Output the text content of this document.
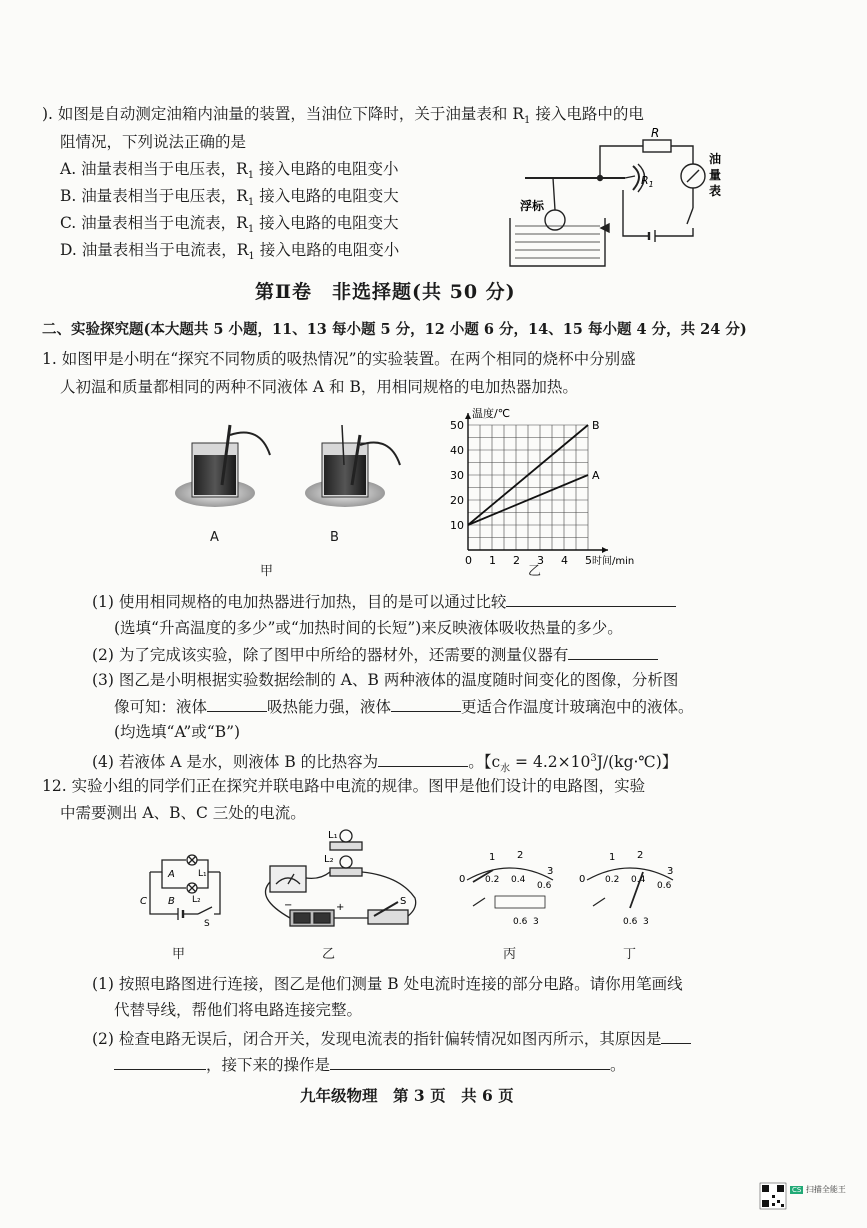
). 如图是自动测定油箱内油量的装置，当油位下降时，关于油量表和 $R_1$ 接入电路中的电
阻情况，下列说法正确的是
A. 油量表相当于电压表，$R_1$ 接入电路的电阻变小
B. 油量表相当于电压表，$R_1$ 接入电路的电阻变大
C. 油量表相当于电流表，$R_1$ 接入电路的电阻变大
D. 油量表相当于电流表，$R_1$ 接入电路的电阻变小
R
$R_1$
浮标
油
量
表
第Ⅱ卷　非选择题(共 50 分)
二、实验探究题(本大题共 5 小题，11、13 每小题 5 分，12 小题 6 分，14、15 每小题 4 分，共 24 分)
1. 如图甲是小明在“探究不同物质的吸热情况”的实验装置。在两个相同的烧杯中分别盛
人初温和质量都相同的两种不同液体 A 和 B，用相同规格的电加热器加热。
A	B
甲
0 1 2 3 4 5
10
20
30
40
50
时间/min
温度/℃
B
A
乙
(1) 使用相同规格的电加热器进行加热，目的是可以通过比较
(选填“升高温度的多少”或“加热时间的长短”)来反映液体吸收热量的多少。
(2) 为了完成该实验，除了图甲中所给的器材外，还需要的测量仪器有
(3) 图乙是小明根据实验数据绘制的 A、B 两种液体的温度随时间变化的图像，分析图
像可知：液体	吸热能力强，液体	更适合作温度计玻璃泡中的液体。
(均选填“A”或“B”)
(4) 若液体 A 是水，则液体 B 的比热容为	。【$c_水$ = $4.2\times 10^3J/(kg\cdot℃)$】
12. 实验小组的同学们正在探究并联电路中电流的规律。图甲是他们设计的电路图，实验
中需要测出 A、B、C 三处的电流。
A
B
C
L₁
L₂
S
甲
L₁
L₂
−	+
S
乙
1 2
3
0 0.2 0.4
0.6
0.6 3
丙
1 2
3
0 0.2 0.4
0.6
0.6 3
丁
(1) 按照电路图进行连接，图乙是他们测量 B 处电流时连接的部分电路。请你用笔画线
代替导线，帮他们将电路连接完整。
(2) 检查电路无误后，闭合开关，发现电流表的指针偏转情况如图丙所示，其原因是
，接下来的操作是	。
九年级物理　第 3 页　共 6 页
CS 扫描全能王
